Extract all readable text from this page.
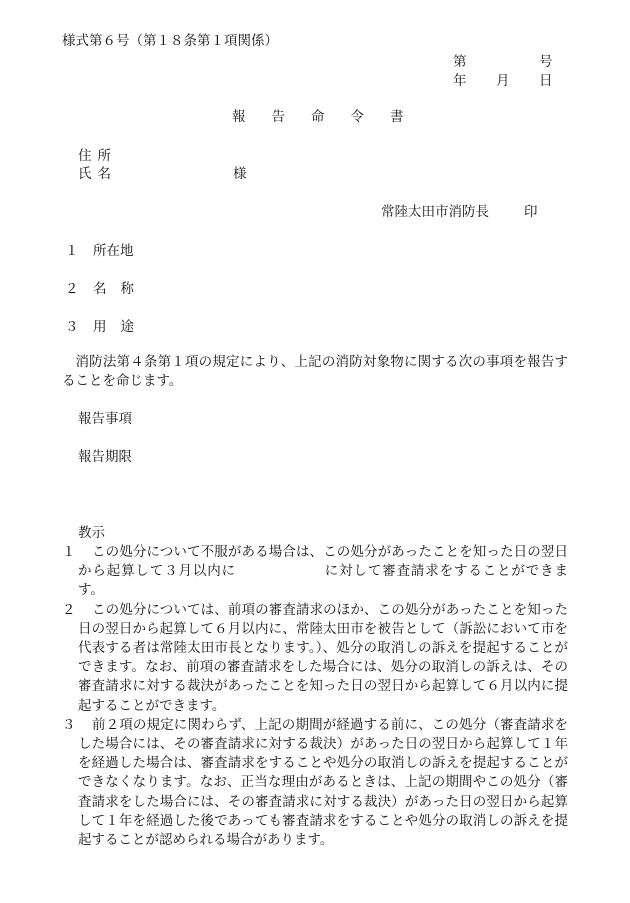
様式第６号（第１８条第１項関係）
第	号
年 月 日
報 告 命 令 書
住所
氏名	様
常陸太田市消防長	印
１ 所在地
２ 名称
３ 用途
消防法第４条第１項の規定により、上記の消防対象物に関する次の事項を報告することを命じます。
報告事項
報告期限
教示
１	この処分について不服がある場合は、この処分があったことを知った日の翌日から起算して３月以内に	に対して審査請求をすることができます。
２	この処分については、前項の審査請求のほか、この処分があったことを知った日の翌日から起算して６月以内に、常陸太田市を被告として（訴訟において市を代表する者は常陸太田市長となります。）、処分の取消しの訴えを提起することができます。なお、前項の審査請求をした場合には、処分の取消しの訴えは、その審査請求に対する裁決があったことを知った日の翌日から起算して６月以内に提起することができます。
３	前２項の規定に関わらず、上記の期間が経過する前に、この処分（審査請求をした場合には、その審査請求に対する裁決）があった日の翌日から起算して１年を経過した場合は、審査請求をすることや処分の取消しの訴えを提起することができなくなります。なお、正当な理由があるときは、上記の期間やこの処分（審査請求をした場合には、その審査請求に対する裁決）があった日の翌日から起算して１年を経過した後であっても審査請求をすることや処分の取消しの訴えを提起することが認められる場合があります。
